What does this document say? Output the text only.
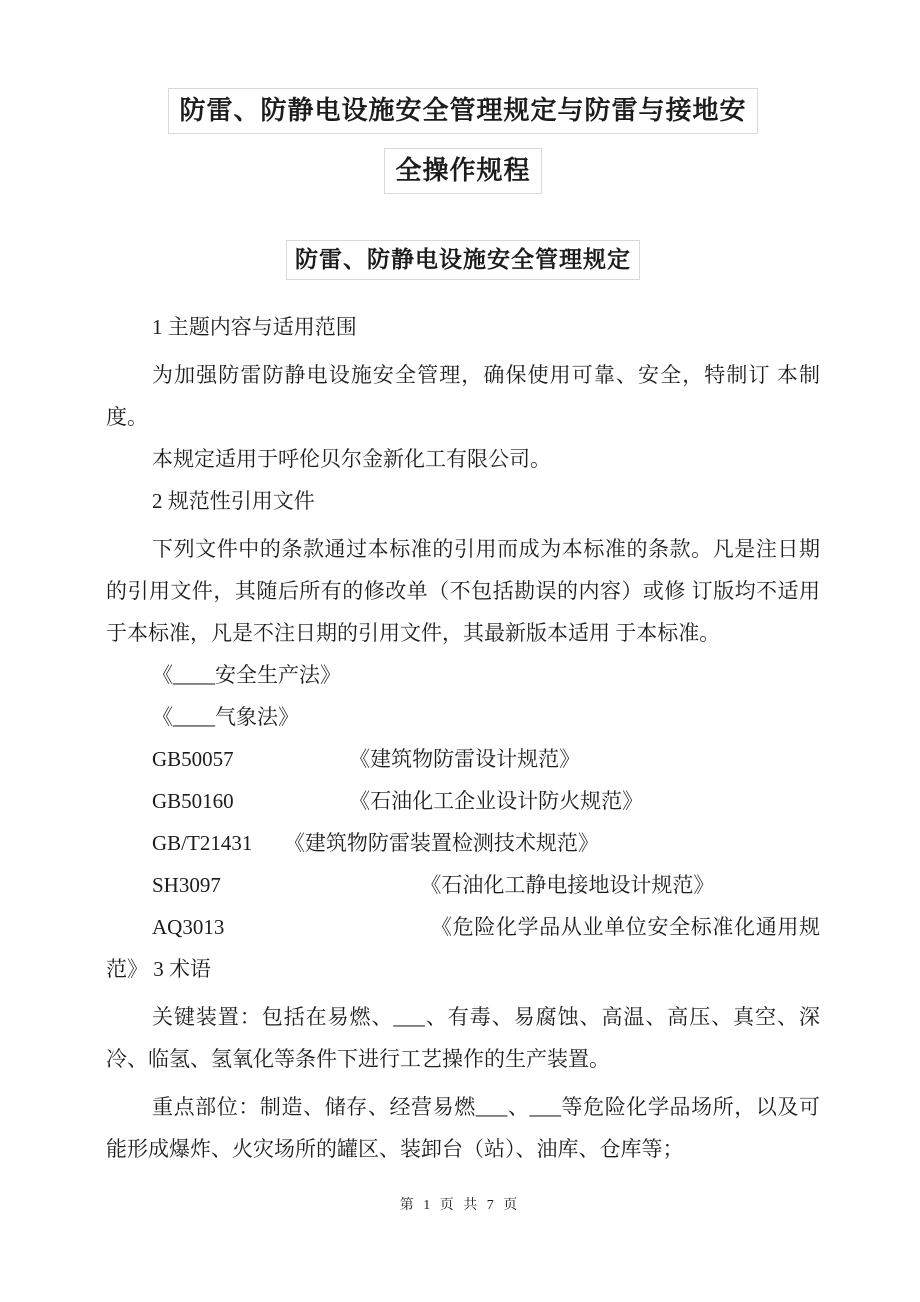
防雷、防静电设施安全管理规定与防雷与接地安
全操作规程
防雷、防静电设施安全管理规定

1 主题内容与适用范围

为加强防雷防静电设施安全管理，确保使用可靠、安全，特制订 本制度。

本规定适用于呼伦贝尔金新化工有限公司。

2 规范性引用文件

下列文件中的条款通过本标准的引用而成为本标准的条款。凡是注日期的引用文件，其随后所有的修改单（不包括勘误的内容）或修 订版均不适用于本标准，凡是不注日期的引用文件，其最新版本适用 于本标准。

《____安全生产法》

《____气象法》

GB50057　　　　　　《建筑物防雷设计规范》

GB50160　　　　　　《石油化工企业设计防火规范》

GB/T21431　　《建筑物防雷装置检测技术规范》

SH3097　　　　　　　　　　《石油化工静电接地设计规范》

AQ3013　　　　　　　　　　《危险化学品从业单位安全标准化通用规范》 3 术语

关键装置：包括在易燃、___、有毒、易腐蚀、高温、高压、真空、深冷、临氢、氢氧化等条件下进行工艺操作的生产装置。

重点部位：制造、储存、经营易燃___、___等危险化学品场所，以及可能形成爆炸、火灾场所的罐区、装卸台（站）、油库、仓库等；

第 1 页 共 7 页
